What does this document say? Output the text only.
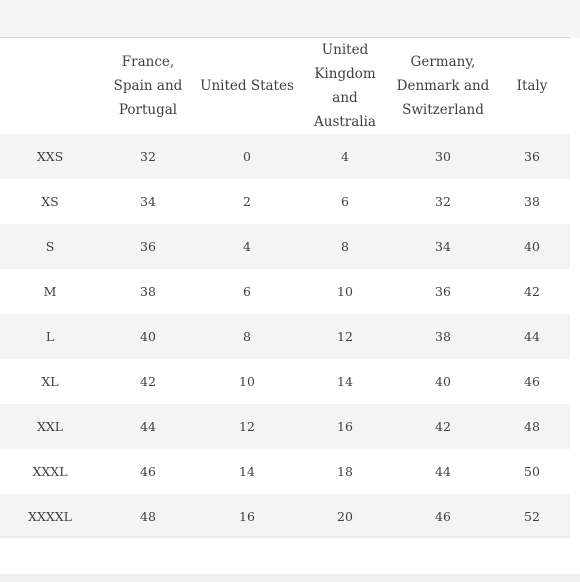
	France, Spain and Portugal	United States	United Kingdom and Australia	Germany, Denmark and Switzerland	Italy
XXS	32	0	4	30	36
XS	34	2	6	32	38
S	36	4	8	34	40
M	38	6	10	36	42
L	40	8	12	38	44
XL	42	10	14	40	46
XXL	44	12	16	42	48
XXXL	46	14	18	44	50
XXXXL	48	16	20	46	52
